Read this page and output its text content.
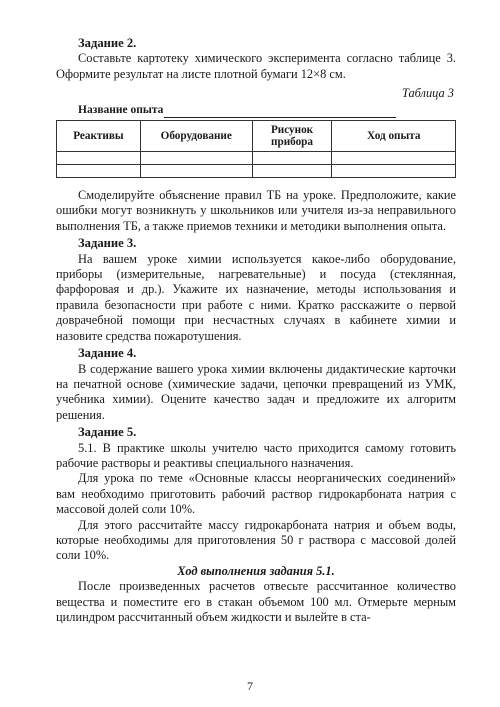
Задание 2.

Составьте картотеку химического эксперимента согласно таблице 3. Оформите результат на листе плотной бумаги 12×8 см.

Таблица 3
Название опыта
Реактивы	Оборудование	Рисунок прибора	Ход опыта

Смоделируйте объяснение правил ТБ на уроке. Предположите, какие ошибки могут возникнуть у школьников или учителя из-за неправильного выполнения ТБ, а также приемов техники и методики выполнения опыта.

Задание 3.

На вашем уроке химии используется какое-либо оборудование, приборы (измерительные, нагревательные) и посуда (стеклянная, фарфоровая и др.). Укажите их назначение, методы использования и правила безопасности при работе с ними. Кратко расскажите о первой доврачебной помощи при несчастных случаях в кабинете химии и назовите средства пожаротушения.

Задание 4.

В содержание вашего урока химии включены дидактические карточки на печатной основе (химические задачи, цепочки превращений из УМК, учебника химии). Оцените качество задач и предложите их алгоритм решения.

Задание 5.

5.1. В практике школы учителю часто приходится самому готовить рабочие растворы и реактивы специального назначения.

Для урока по теме «Основные классы неорганических соединений» вам необходимо приготовить рабочий раствор гидрокарбоната натрия с массовой долей соли 10%.

Для этого рассчитайте массу гидрокарбоната натрия и объем воды, которые необходимы для приготовления 50 г раствора с массовой долей соли 10%.

Ход выполнения задания 5.1.

После произведенных расчетов отвесьте рассчитанное количество вещества и поместите его в стакан объемом 100 мл. Отмерьте мерным цилиндром рассчитанный объем жидкости и вылейте в ста-

7
